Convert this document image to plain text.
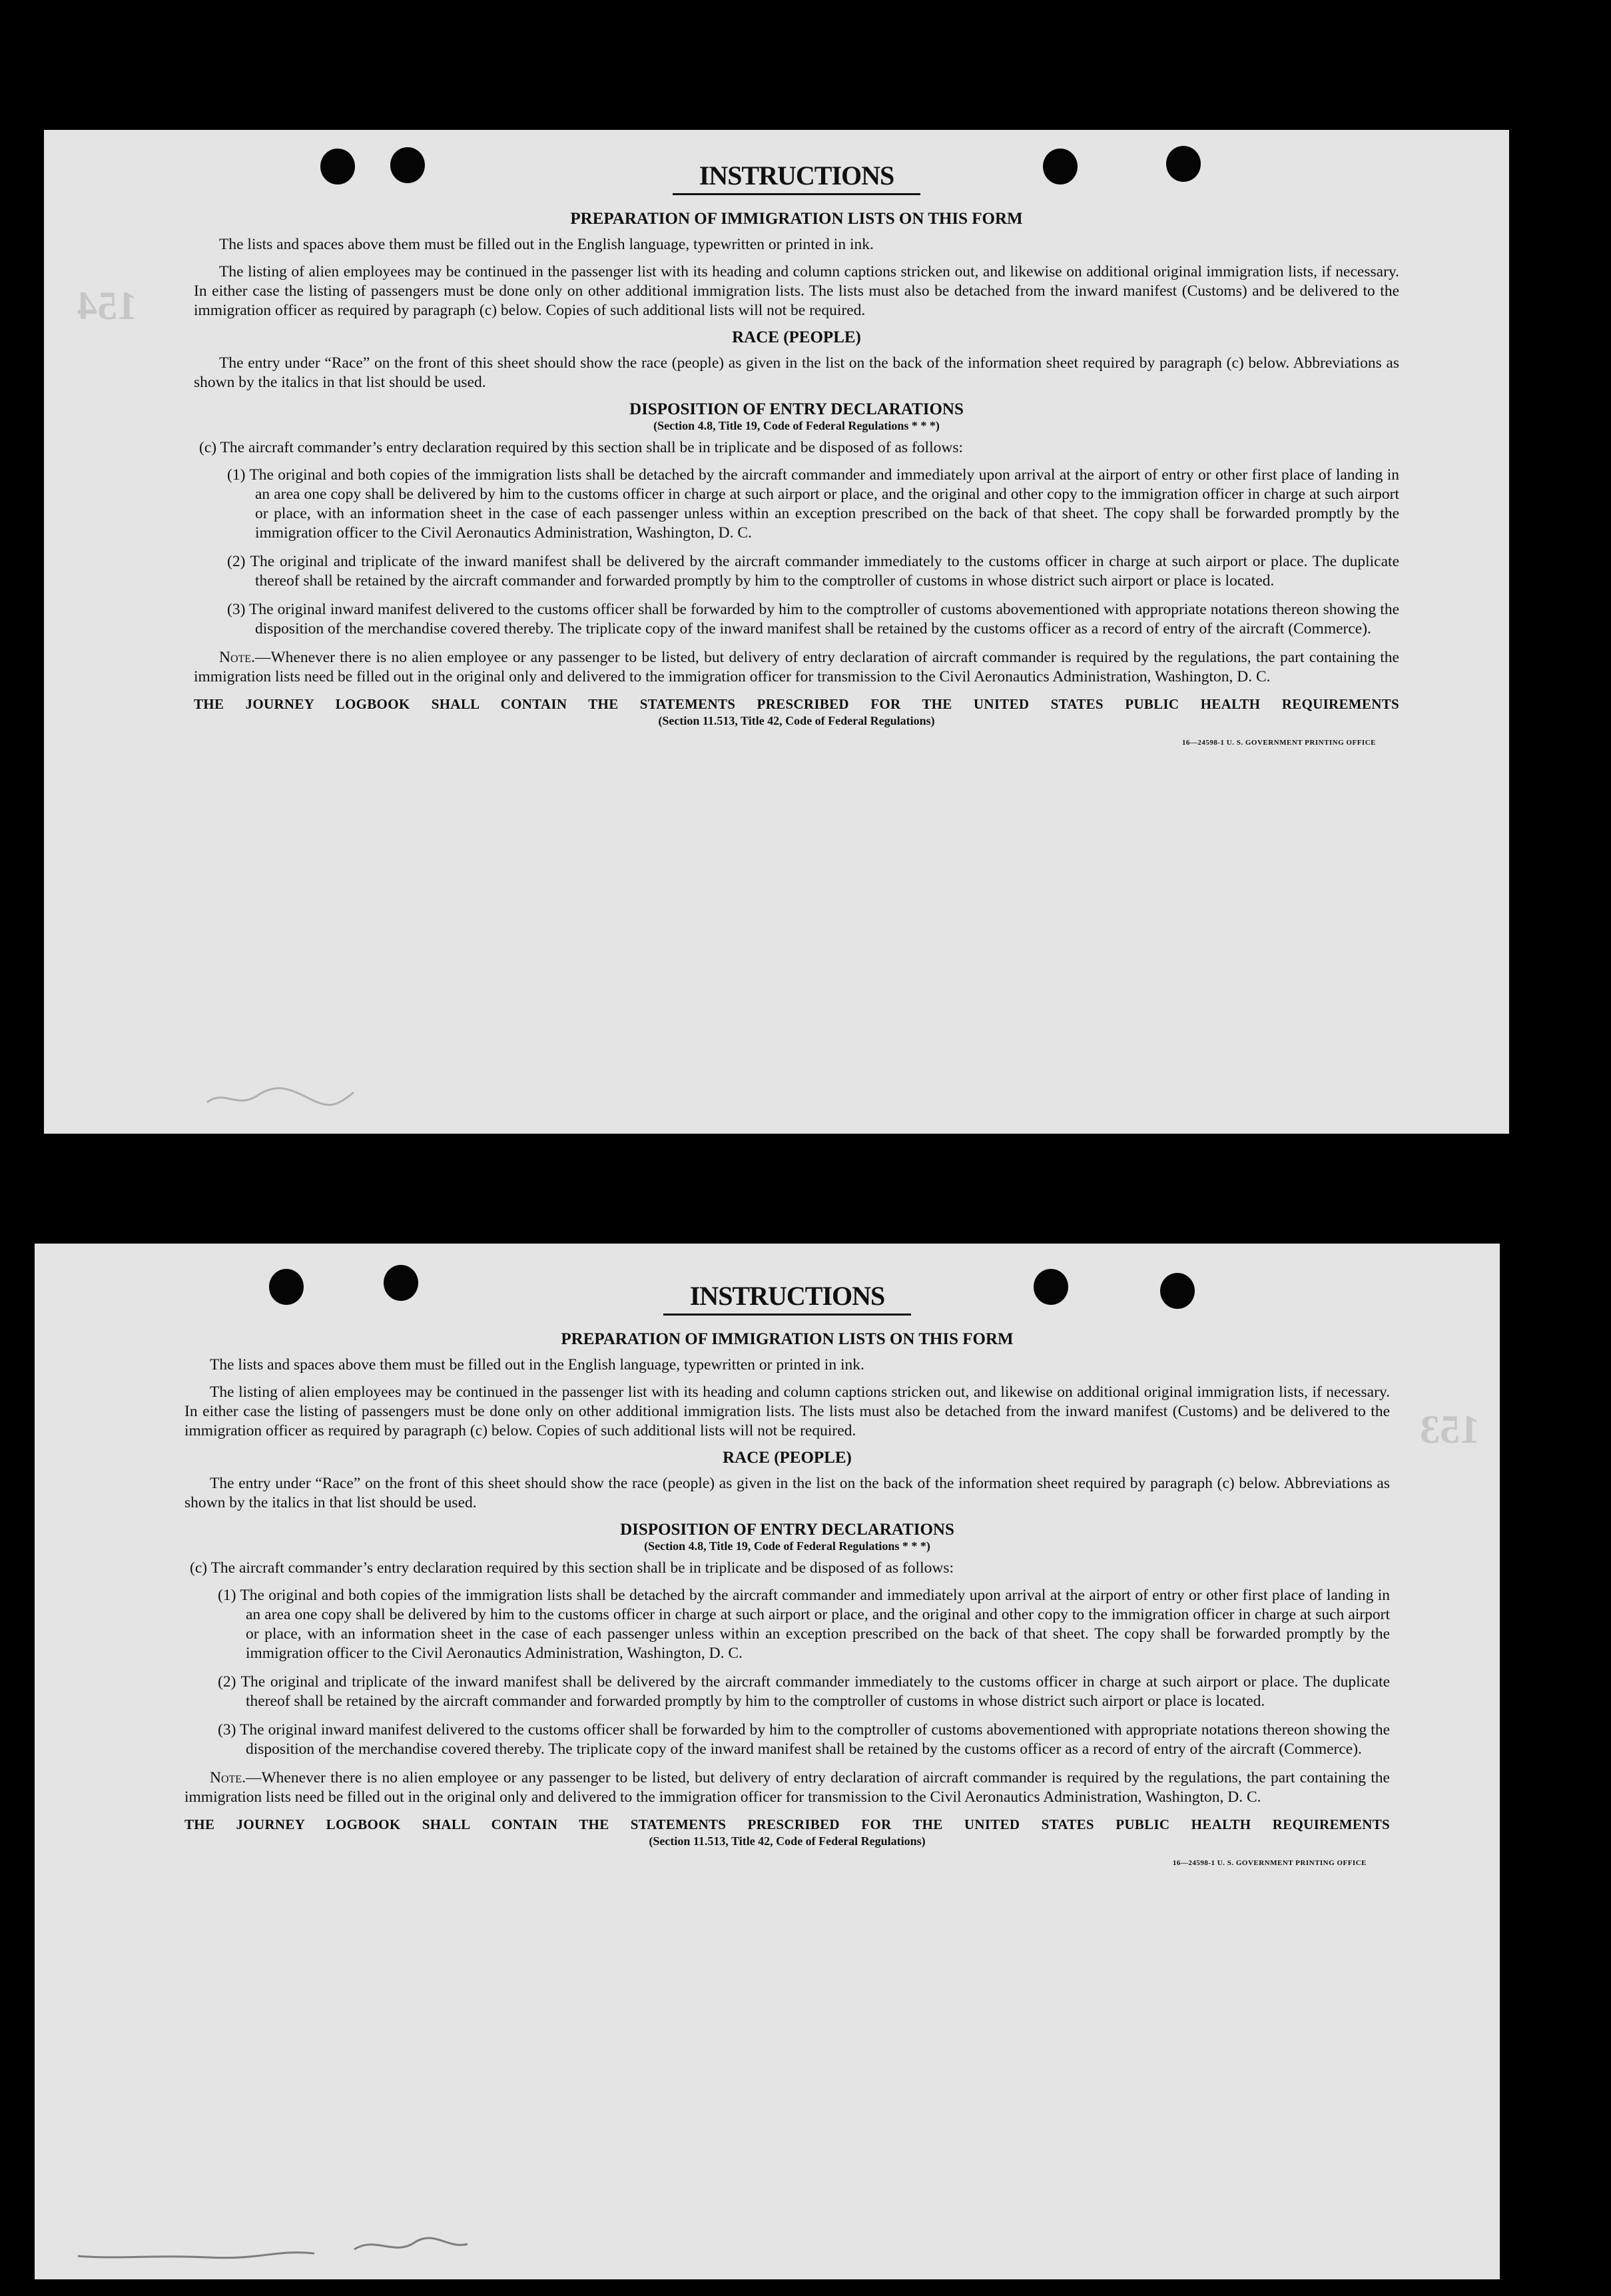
154
INSTRUCTIONS
PREPARATION OF IMMIGRATION LISTS ON THIS FORM
The lists and spaces above them must be filled out in the English language, typewritten or printed in ink.
The listing of alien employees may be continued in the passenger list with its heading and column captions stricken out, and likewise on additional original immigration lists, if necessary. In either case the listing of passengers must be done only on other additional immigration lists. The lists must also be detached from the inward manifest (Customs) and be delivered to the immigration officer as required by paragraph (c) below. Copies of such additional lists will not be required.
RACE (PEOPLE)
The entry under “Race” on the front of this sheet should show the race (people) as given in the list on the back of the information sheet required by paragraph (c) below. Abbreviations as shown by the italics in that list should be used.
DISPOSITION OF ENTRY DECLARATIONS
(Section 4.8, Title 19, Code of Federal Regulations * * *)
(c) The aircraft commander’s entry declaration required by this section shall be in triplicate and be disposed of as follows:
(1) The original and both copies of the immigration lists shall be detached by the aircraft commander and immediately upon arrival at the airport of entry or other first place of landing in an area one copy shall be delivered by him to the customs officer in charge at such airport or place, and the original and other copy to the immigration officer in charge at such airport or place, with an information sheet in the case of each passenger unless within an exception prescribed on the back of that sheet. The copy shall be forwarded promptly by the immigration officer to the Civil Aeronautics Administration, Washington, D. C.
(2) The original and triplicate of the inward manifest shall be delivered by the aircraft commander immediately to the customs officer in charge at such airport or place. The duplicate thereof shall be retained by the aircraft commander and forwarded promptly by him to the comptroller of customs in whose district such airport or place is located.
(3) The original inward manifest delivered to the customs officer shall be forwarded by him to the comptroller of customs abovementioned with appropriate notations thereon showing the disposition of the merchandise covered thereby. The triplicate copy of the inward manifest shall be retained by the customs officer as a record of entry of the aircraft (Commerce).
Note.—Whenever there is no alien employee or any passenger to be listed, but delivery of entry declaration of aircraft commander is required by the regulations, the part containing the immigration lists need be filled out in the original only and delivered to the immigration officer for transmission to the Civil Aeronautics Administration, Washington, D. C.
THE JOURNEY LOGBOOK SHALL CONTAIN THE STATEMENTS PRESCRIBED FOR THE UNITED STATES PUBLIC HEALTH REQUIREMENTS
(Section 11.513, Title 42, Code of Federal Regulations)
16—24598-1 U. S. GOVERNMENT PRINTING OFFICE
153
INSTRUCTIONS
PREPARATION OF IMMIGRATION LISTS ON THIS FORM
The lists and spaces above them must be filled out in the English language, typewritten or printed in ink.
The listing of alien employees may be continued in the passenger list with its heading and column captions stricken out, and likewise on additional original immigration lists, if necessary. In either case the listing of passengers must be done only on other additional immigration lists. The lists must also be detached from the inward manifest (Customs) and be delivered to the immigration officer as required by paragraph (c) below. Copies of such additional lists will not be required.
RACE (PEOPLE)
The entry under “Race” on the front of this sheet should show the race (people) as given in the list on the back of the information sheet required by paragraph (c) below. Abbreviations as shown by the italics in that list should be used.
DISPOSITION OF ENTRY DECLARATIONS
(Section 4.8, Title 19, Code of Federal Regulations * * *)
(c) The aircraft commander’s entry declaration required by this section shall be in triplicate and be disposed of as follows:
(1) The original and both copies of the immigration lists shall be detached by the aircraft commander and immediately upon arrival at the airport of entry or other first place of landing in an area one copy shall be delivered by him to the customs officer in charge at such airport or place, and the original and other copy to the immigration officer in charge at such airport or place, with an information sheet in the case of each passenger unless within an exception prescribed on the back of that sheet. The copy shall be forwarded promptly by the immigration officer to the Civil Aeronautics Administration, Washington, D. C.
(2) The original and triplicate of the inward manifest shall be delivered by the aircraft commander immediately to the customs officer in charge at such airport or place. The duplicate thereof shall be retained by the aircraft commander and forwarded promptly by him to the comptroller of customs in whose district such airport or place is located.
(3) The original inward manifest delivered to the customs officer shall be forwarded by him to the comptroller of customs abovementioned with appropriate notations thereon showing the disposition of the merchandise covered thereby. The triplicate copy of the inward manifest shall be retained by the customs officer as a record of entry of the aircraft (Commerce).
Note.—Whenever there is no alien employee or any passenger to be listed, but delivery of entry declaration of aircraft commander is required by the regulations, the part containing the immigration lists need be filled out in the original only and delivered to the immigration officer for transmission to the Civil Aeronautics Administration, Washington, D. C.
THE JOURNEY LOGBOOK SHALL CONTAIN THE STATEMENTS PRESCRIBED FOR THE UNITED STATES PUBLIC HEALTH REQUIREMENTS
(Section 11.513, Title 42, Code of Federal Regulations)
16—24598-1 U. S. GOVERNMENT PRINTING OFFICE
